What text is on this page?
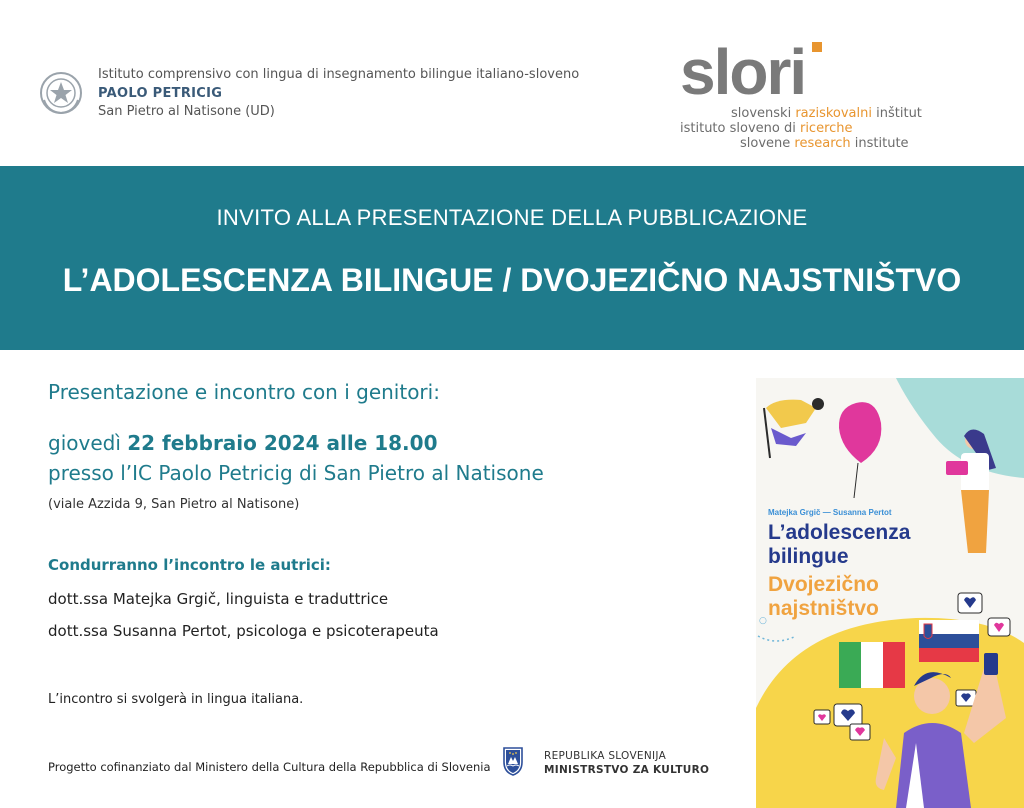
Istituto comprensivo con lingua di insegnamento bilingue italiano-sloveno
PAOLO PETRICIG
San Pietro al Natisone (UD)
slori
slovenski raziskovalni inštitut
istituto sloveno di ricerche
slovene research institute
INVITO ALLA PRESENTAZIONE DELLA PUBBLICAZIONE
L’ADOLESCENZA BILINGUE / DVOJEZIČNO NAJSTNIŠTVO
Presentazione e incontro con i genitori:
giovedì 22 febbraio 2024 alle 18.00
presso l’IC Paolo Petricig di San Pietro al Natisone
(viale Azzida 9, San Pietro al Natisone)
Condurranno l’incontro le autrici:
dott.ssa Matejka Grgič, linguista e traduttrice
dott.ssa Susanna Pertot, psicologa e psicoterapeuta
L’incontro si svolgerà in lingua italiana.
Progetto cofinanziato dal Ministero della Cultura della Repubblica di Slovenia
REPUBLIKA SLOVENIJA
MINISTRSTVO ZA KULTURO
○
Matejka Grgič — Susanna Pertot
L’adolescenza
bilingue
Dvojezično
najstništvo
